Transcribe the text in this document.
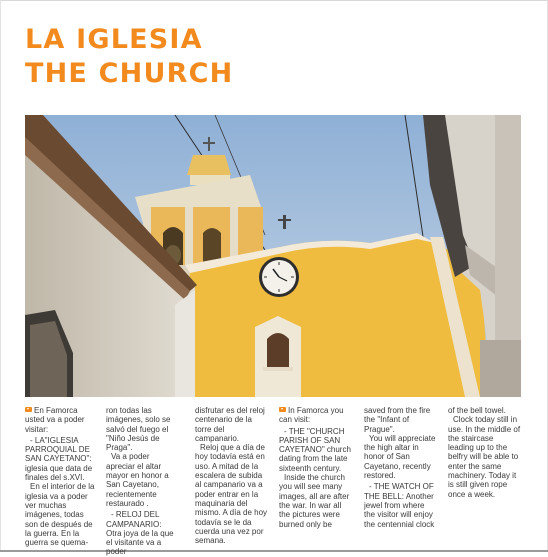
LA IGLESIA
THE CHURCH

En Famorca usted va a poder visitar:

- LA"IGLESIA PARROQUIAL DE SAN CAYETANO": iglesia que data de finales del s.XVI.

En el interior de la iglesia va a poder ver muchas imágenes, todas son de después de la guerra. En la guerra se quema-

ron todas las imágenes, solo se salvó del fuego el "Niño Jesús de Praga".

Va a poder apreciar el altar mayor en honor a San Cayetano, recientemente restaurado .

- RELOJ DEL CAMPANARIO: Otra joya de la que el visitante va a poder

disfrutar es del reloj centenario de la torre del campanario.

Reloj que a día de hoy todavía está en uso. A mitad de la escalera de subida al campanario va a poder entrar en la maquinaria del mismo. A día de hoy todavía se le da cuerda una vez por semana.

In Famorca you can visit:

- THE "CHURCH PARISH OF SAN CAYETANO" church dating from the late sixteenth century.

Inside the church you will see many images, all are after the war. In war all the pictures were burned only be

saved from the fire the "Infant of Prague".

You will appreciate the high altar in honor of San Cayetano, recently restored.

- THE WATCH OF THE BELL: Another jewel from where the visitor will enjoy the centennial clock

of the bell towel.

Clock today still in use. In the middle of the staircase leading up to the belfry will be able to enter the same machinery. Today it is still given rope once a week.
